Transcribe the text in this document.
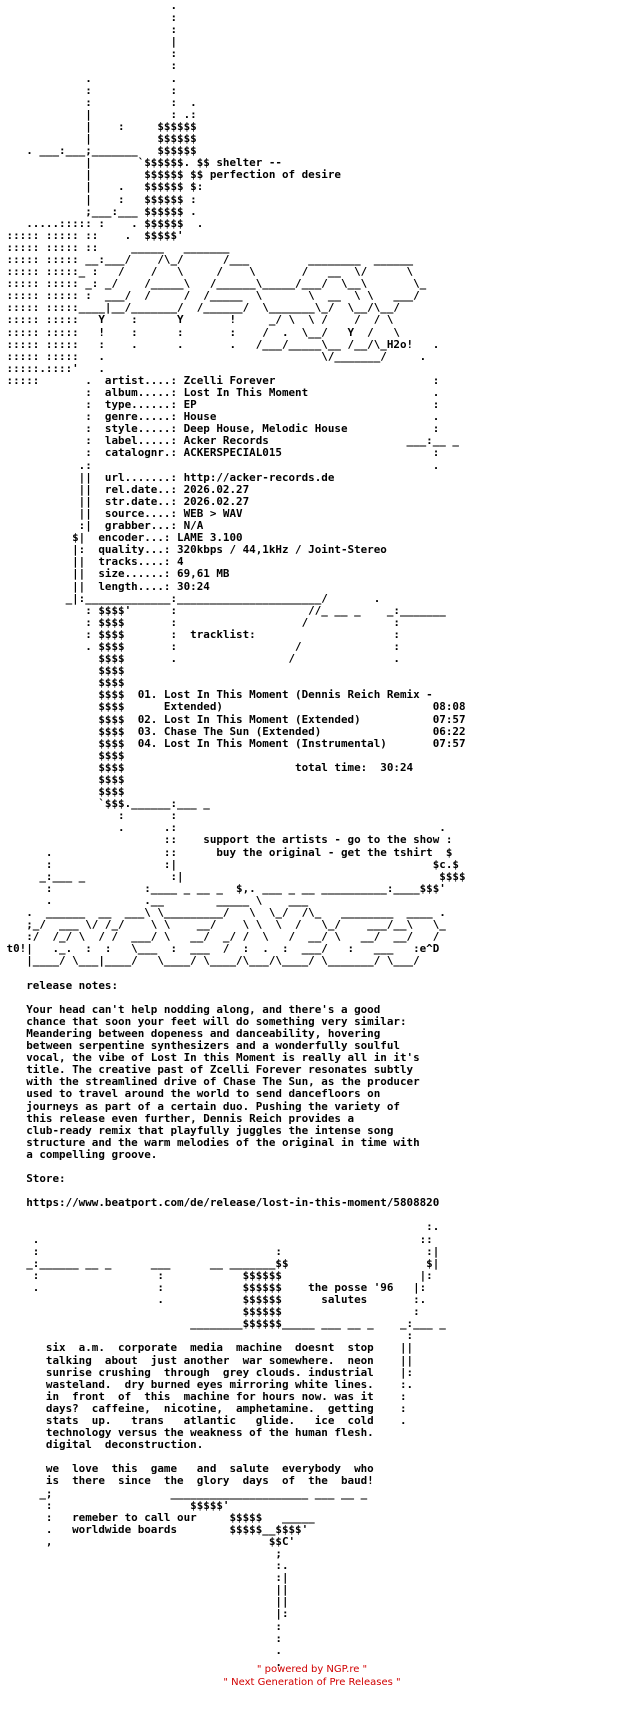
.
:
:
|
:
:
.            .
:            :
:            :  .
|            : .:
|    :     $$$$$$
|          $$$$$$
. ___:___;_______   $$$$$$
|       `$$$$$$. $$ shelter --
|        $$$$$$ $$ perfection of desire
|    .   $$$$$$ $:
|    :   $$$$$$ :
;___:___ $$$$$$ .
.....::::: :    . $$$$$$  .
::::: ::::: ::    .  $$$$$'
::::: ::::: ::     _____   _______
::::: ::::: __:___/    /\_/      /___         ________  ______
::::: :::::_ :   /    /   \     /    \       /   __  \/      \
::::: ::::: _: _/    /_____\   /______\_____/___/  \__\       \_
::::: ::::: :  ___/  /     /  /_____  \       \  __  \ \   ___/
::::: :::::____|__/_______/  /______/  \_______\_/  \__/\__/
::::: :::::   Y    :      Y       !     _/ \  \ /    /  / \
::::: :::::   !    :      :       :    /  .  \__/   Y  /   \
::::: :::::   :    .      .       .   /___/_____\__ /__/\_H2o!   .
::::: :::::   .                                 \/_______/     .
:::::.::::'   .
:::::       .  artist....: Zcelli Forever                        :
:  album.....: Lost In This Moment                   .
:  type......: EP                                    :
:  genre.....: House                                 .
:  style.....: Deep House, Melodic House             :
:  label.....: Acker Records                     ___:__ _
:  catalognr.: ACKERSPECIAL015                       :
.:                                                    .
||  url.......: http://acker-records.de
||  rel.date..: 2026.02.27
||  str.date..: 2026.02.27
||  source....: WEB > WAV
:|  grabber...: N/A
$|  encoder...: LAME 3.100
|:  quality...: 320kbps / 44,1kHz / Joint-Stereo
||  tracks....: 4
||  size......: 69,61 MB
||  length....: 30:24
_|:_____________:______________________/       .
: $$$$'      :                    //_ __ _    _:_______
: $$$$       :                   /             :
: $$$$       :  tracklist:                     :
. $$$$       :                  /              :
$$$$       .                 /               .
$$$$
$$$$
$$$$  01. Lost In This Moment (Dennis Reich Remix -
$$$$      Extended)                                08:08
$$$$  02. Lost In This Moment (Extended)           07:57
$$$$  03. Chase The Sun (Extended)                 06:22
$$$$  04. Lost In This Moment (Instrumental)       07:57
$$$$
$$$$                          total time:  30:24
$$$$
$$$$
`$$$.______:___ _
:       :
.      .:                                        .
::    support the artists - go to the show :
.                 ::      buy the original - get the tshirt  $
:                 :|                                       $c.$
_:___ _             :|                                       $$$$
:              :____ _ __ _  $,. ___ _ __ __________:____$$$'
.              .__        _____ \    ___
.  ______  __  ___\ \_________/   \  \_/  /\_   ________  ____ .
;_/  ___ \/ /_/    \ \    __/    \ \  \  /   \_/    ___/__\   \_
:/  /_/ \  / /  ___/ \   __/  _/ /  \   /  __/ \   __/  __/   /
t0!|   ._.  :  :   \___  :  ___  /  :  .  :  ___/   :   ___   :e^D
|____/ \___|____/   \____/ \____/\___/\____/ \_______/ \___/

release notes:

Your head can't help nodding along, and there's a good
chance that soon your feet will do something very similar:
Meandering between dopeness and danceability, hovering
between serpentine synthesizers and a wonderfully soulful
vocal, the vibe of Lost In this Moment is really all in it's
title. The creative past of Zcelli Forever resonates subtly
with the streamlined drive of Chase The Sun, as the producer
used to travel around the world to send dancefloors on
journeys as part of a certain duo. Pushing the variety of
this release even further, Dennis Reich provides a
club-ready remix that playfully juggles the intense song
structure and the warm melodies of the original in time with
a compelling groove.

Store:

https://www.beatport.com/de/release/lost-in-this-moment/5808820

:.
.                                                          ::
:                                    :                      :|
_:______ __ _      ___      __ _______$$                     $|
:                  :            $$$$$$                     |:
.                  :            $$$$$$    the posse '96   |:
.            $$$$$$      salutes       :.
$$$$$$                    :
________$$$$$$_____ ___ __ _    _:___ _
:
six  a.m.  corporate  media  machine  doesnt  stop    ||
talking  about  just another  war somewhere.  neon    ||
sunrise crushing  through  grey clouds. industrial    |:
wasteland.  dry burned eyes mirroring white lines.    :.
in  front  of  this  machine for hours now. was it    :
days?  caffeine,  nicotine,  amphetamine.  getting    :
stats  up.   trans   atlantic   glide.   ice  cold    .
technology versus the weakness of the human flesh.
digital  deconstruction.

we  love  this  game   and  salute  everybody  who
is  there  since  the  glory  days  of  the  baud!
_;                  _____________________ ___ __ _
:                     $$$$$'
:   remeber to call our     $$$$$   _____
.   worldwide boards        $$$$$__$$$$'
,                                 $$C'
;
:.
:|
||
||
|:
:
:
.
.
" powered by NGP.re "
" Next Generation of Pre Releases "
